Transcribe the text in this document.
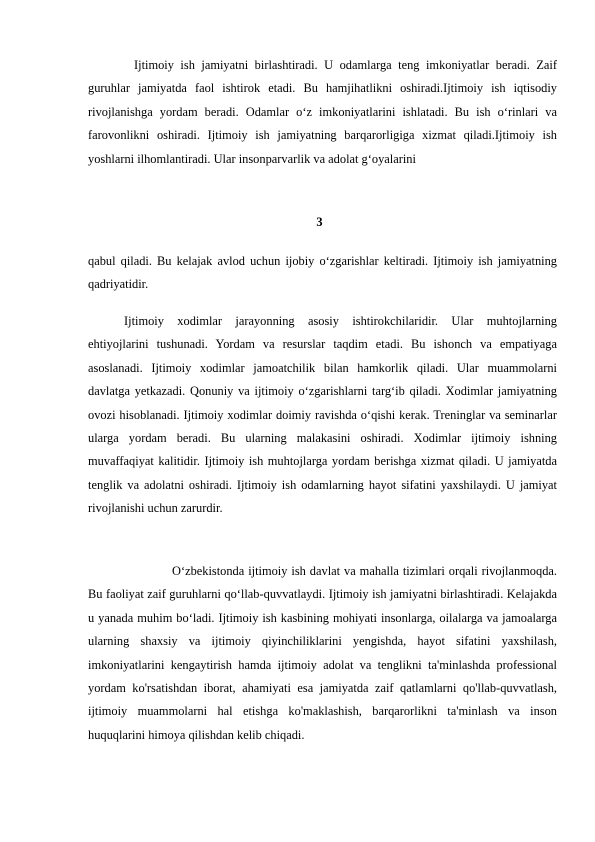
Ijtimoiy ish jamiyatni birlashtiradi. U odamlarga teng imkoniyatlar beradi. Zaif guruhlar jamiyatda faol ishtirok etadi. Bu hamjihatlikni oshiradi.Ijtimoiy ish iqtisodiy rivojlanishga yordam beradi. Odamlar o‘z imkoniyatlarini ishlatadi. Bu ish o‘rinlari va farovonlikni oshiradi. Ijtimoiy ish jamiyatning barqarorligiga xizmat qiladi.Ijtimoiy ish yoshlarni ilhomlantiradi. Ular insonparvarlik va adolat g‘oyalarini

3

qabul qiladi. Bu kelajak avlod uchun ijobiy o‘zgarishlar keltiradi. Ijtimoiy ish jamiyatning qadriyatidir.

Ijtimoiy xodimlar jarayonning asosiy ishtirokchilaridir. Ular muhtojlarning ehtiyojlarini tushunadi. Yordam va resurslar taqdim etadi. Bu ishonch va empatiyaga asoslanadi. Ijtimoiy xodimlar jamoatchilik bilan hamkorlik qiladi. Ular muammolarni davlatga yetkazadi. Qonuniy va ijtimoiy o‘zgarishlarni targ‘ib qiladi. Xodimlar jamiyatning ovozi hisoblanadi. Ijtimoiy xodimlar doimiy ravishda o‘qishi kerak. Treninglar va seminarlar ularga yordam beradi. Bu ularning malakasini oshiradi. Xodimlar ijtimoiy ishning muvaffaqiyat kalitidir. Ijtimoiy ish muhtojlarga yordam berishga xizmat qiladi. U jamiyatda tenglik va adolatni oshiradi. Ijtimoiy ish odamlarning hayot sifatini yaxshilaydi. U jamiyat rivojlanishi uchun zarurdir.

O‘zbekistonda ijtimoiy ish davlat va mahalla tizimlari orqali rivojlanmoqda. Bu faoliyat zaif guruhlarni qo‘llab-quvvatlaydi. Ijtimoiy ish jamiyatni birlashtiradi. Kelajakda u yanada muhim bo‘ladi. Ijtimoiy ish kasbining mohiyati insonlarga, oilalarga va jamoalarga ularning shaxsiy va ijtimoiy qiyinchiliklarini yengishda, hayot sifatini yaxshilash, imkoniyatlarini kengaytirish hamda ijtimoiy adolat va tenglikni ta'minlashda professional yordam ko'rsatishdan iborat, ahamiyati esa jamiyatda zaif qatlamlarni qo'llab-quvvatlash, ijtimoiy muammolarni hal etishga ko'maklashish, barqarorlikni ta'minlash va inson huquqlarini himoya qilishdan kelib chiqadi.
